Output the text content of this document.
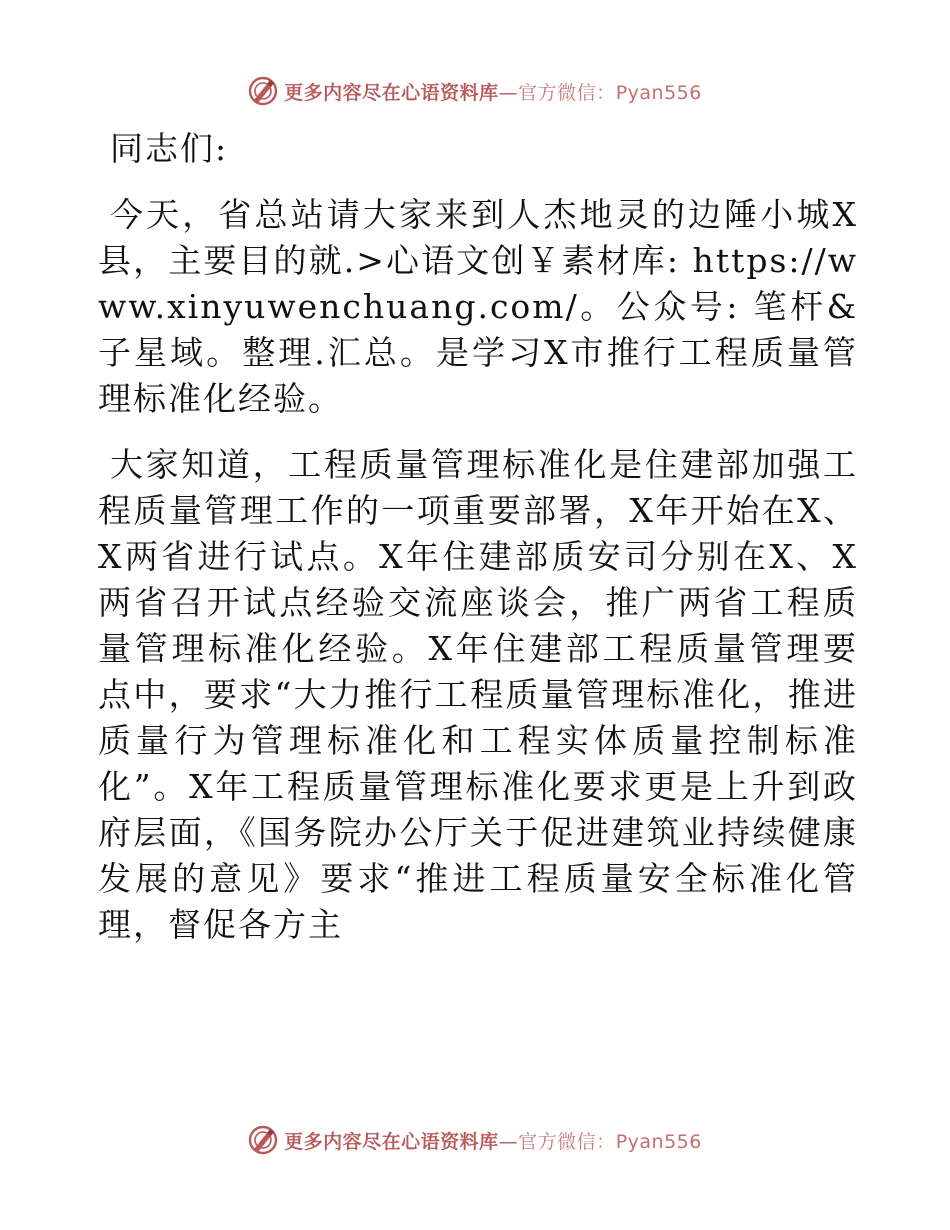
更多内容尽在心语资料库—官方微信：Pyan556

同志们:

今天，省总站请大家来到人杰地灵的边陲小城X县，主要目的就.>心语文创￥素材库: https://www.xinyuwenchuang.com/。公众号: 笔杆&子星域。整理.汇总。是学习X市推行工程质量管理标准化经验。

大家知道，工程质量管理标准化是住建部加强工程质量管理工作的一项重要部署，X年开始在X、X两省进行试点。X年住建部质安司分别在X、X两省召开试点经验交流座谈会，推广两省工程质量管理标准化经验。X年住建部工程质量管理要点中，要求“大力推行工程质量管理标准化，推进质量行为管理标准化和工程实体质量控制标准化”。X年工程质量管理标准化要求更是上升到政府层面，《国务院办公厅关于促进建筑业持续健康发展的意见》要求“推进工程质量安全标准化管理，督促各方主

更多内容尽在心语资料库—官方微信：Pyan556
